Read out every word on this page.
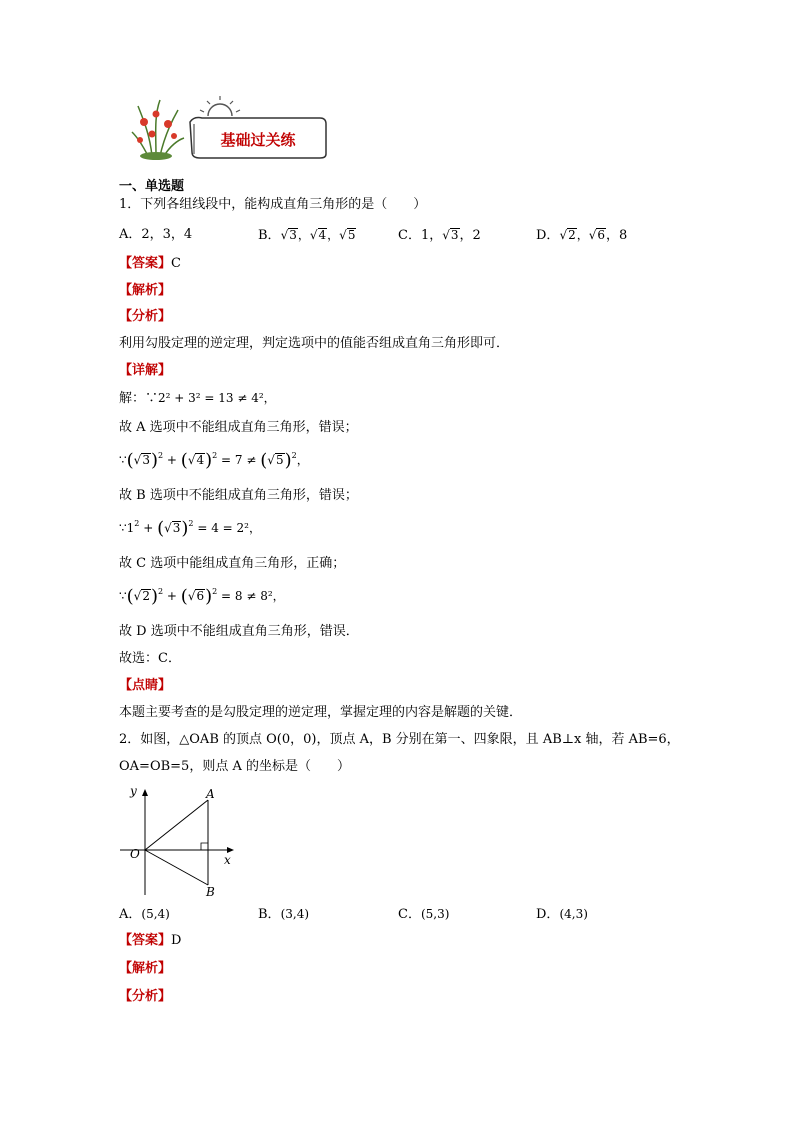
基础过关练
一、单选题
1．下列各组线段中，能构成直角三角形的是（　　）
A．2，3，4	B．√3，√4，√5	C．1，√3，2	D．√2，√6，8
【答案】C
【解析】
【分析】
利用勾股定理的逆定理，判定选项中的值能否组成直角三角形即可．
【详解】
解：∵2² + 3² = 13 ≠ 4²，
故 A 选项中不能组成直角三角形，错误；
$\because(√3)^2 + (√4)^2 = 7 \ne (√5)^2$，
故 B 选项中不能组成直角三角形，错误；
$\because 1^2 + (√3)^2 = 4 = 2^2$，
故 C 选项中能组成直角三角形，正确；
$\because(√2)^2 + (√6)^2 = 8 \ne 8^2$，
故 D 选项中不能组成直角三角形，错误．
故选：C．
【点睛】
本题主要考查的是勾股定理的逆定理，掌握定理的内容是解题的关键．
2．如图，△OAB 的顶点 O(0，0)，顶点 A，B 分别在第一、四象限，且 AB⊥x 轴，若 AB=6，
OA=OB=5，则点 A 的坐标是（　　）
y
x
O
A
B
A．(5,4)	B．(3,4)	C．(5,3)	D．(4,3)
【答案】D
【解析】
【分析】
